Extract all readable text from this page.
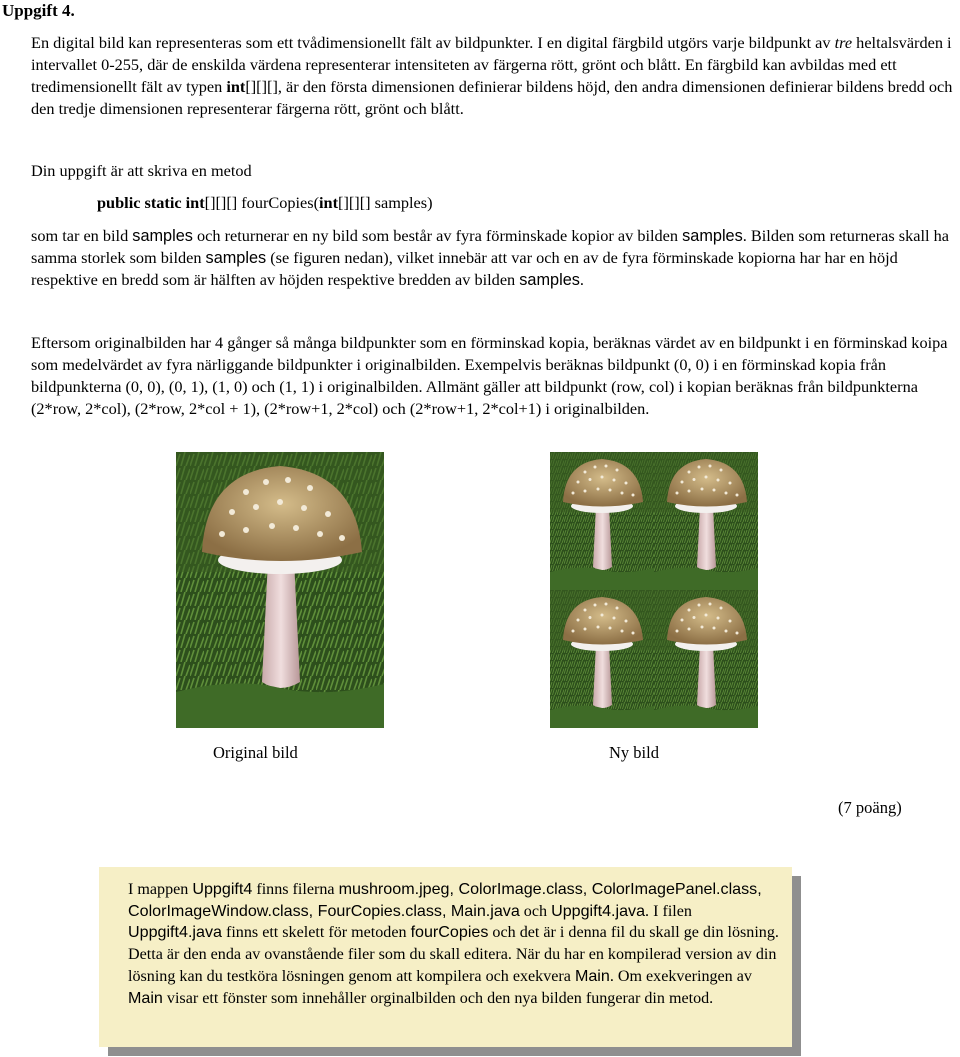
Uppgift 4.

En digital bild kan representeras som ett tvådimensionellt fält av bildpunkter. I en digital färgbild utgörs varje bildpunkt av tre heltalsvärden i intervallet 0-255, där de enskilda värdena representerar intensiteten av färgerna rött, grönt och blått. En färgbild kan avbildas med ett tredimensionellt fält av typen int[][][], är den första dimensionen definierar bildens höjd, den andra dimensionen definierar bildens bredd och den tredje dimensionen representerar färgerna rött, grönt och blått.

Din uppgift är att skriva en metod

public static int[][][] fourCopies(int[][][] samples)

som tar en bild samples och returnerar en ny bild som består av fyra förminskade kopior av bilden samples. Bilden som returneras skall ha samma storlek som bilden samples (se figuren nedan), vilket innebär att var och en av de fyra förminskade kopiorna har har en höjd respektive en bredd som är hälften av höjden respektive bredden av bilden samples.

Eftersom originalbilden har 4 gånger så många bildpunkter som en förminskad kopia, beräknas värdet av en bildpunkt i en förminskad koipa som medelvärdet av fyra närliggande bildpunkter i originalbilden. Exempelvis beräknas bildpunkt (0, 0) i en förminskad kopia från bildpunkterna (0, 0), (0, 1), (1, 0) och (1, 1) i originalbilden. Allmänt gäller att bildpunkt (row, col) i kopian beräknas från bildpunkterna (2*row, 2*col), (2*row, 2*col + 1), (2*row+1, 2*col) och (2*row+1, 2*col+1) i originalbilden.

Original bild	Ny bild
(7 poäng)
I mappen Uppgift4 finns filerna mushroom.jpeg, ColorImage.class, ColorImagePanel.class, ColorImageWindow.class, FourCopies.class, Main.java och Uppgift4.java. I filen Uppgift4.java finns ett skelett för metoden fourCopies och det är i denna fil du skall ge din lösning. Detta är den enda av ovanstående filer som du skall editera. När du har en kompilerad version av din lösning kan du testköra lösningen genom att kompilera och exekvera Main. Om exekveringen av Main visar ett fönster som innehåller orginalbilden och den nya bilden fungerar din metod.
